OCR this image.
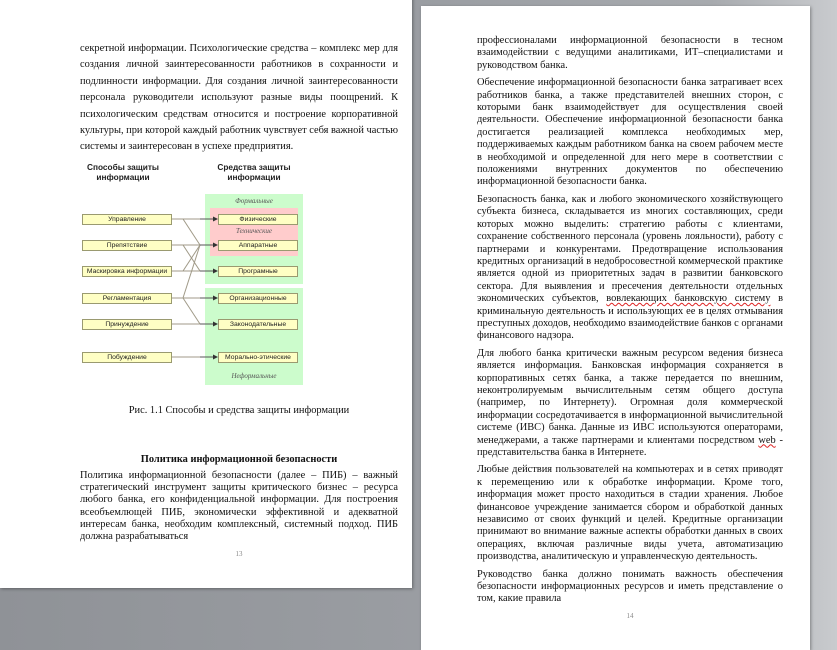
секретной информации. Психологические средства – комплекс мер для создания личной заинтересованности работников в сохранности и подлинности информации. Для создания личной заинтересованности персонала руководители используют разные виды поощрений. К психологическим средствам относится и построение корпоративной культуры, при которой каждый работник чувствует себя важной частью системы и заинтересован в успехе предприятия.

Способы защиты информации
Средства защиты информации
Формальные
Технические
Неформальные
Управление
Препятствие
Маскировка информации
Регламентация
Принуждение
Побуждение
Физические
Аппаратные
Програмные
Организационные
Законодательные
Морально-этические
Рис. 1.1 Способы и средства защиты информации
Политика информационной безопасности

Политика информационной безопасности (далее – ПИБ) – важный стратегический инструмент защиты критического бизнес – ресурса любого банка, его конфиденциальной информации. Для построения всеобъемлющей ПИБ, экономически эффективной и адекватной интересам банка, необходим комплексный, системный подход. ПИБ должна разрабатываться

13

профессионалами информационной безопасности в тесном взаимодействии с ведущими аналитиками, ИТ–специалистами и руководством банка.

Обеспечение информационной безопасности банка затрагивает всех работников банка, а также представителей внешних сторон, с которыми банк взаимодействует для осуществления своей деятельности. Обеспечение информационной безопасности банка достигается реализацией комплекса необходимых мер, поддерживаемых каждым работником банка на своем рабочем месте в необходимой и определенной для него мере в соответствии с положениями внутренних документов по обеспечению информационной безопасности банка.

Безопасность банка, как и любого экономического хозяйствующего субъекта бизнеса, складывается из многих составляющих, среди которых можно выделить: стратегию работы с клиентами, сохранение собственного персонала (уровень лояльности), работу с партнерами и конкурентами. Предотвращение использования кредитных организаций в недобросовестной коммерческой практике является одной из приоритетных задач в развитии банковского сектора. Для выявления и пресечения деятельности отдельных экономических субъектов, вовлекающих банковскую систему в криминальную деятельность и использующих ее в целях отмывания преступных доходов, необходимо взаимодействие банков с органами финансового надзора.

Для любого банка критически важным ресурсом ведения бизнеса является информация. Банковская информация сохраняется в корпоративных сетях банка, а также передается по внешним, неконтролируемым вычислительным сетям общего доступа (например, по Интернету). Огромная доля коммерческой информации сосредотачивается в информационной вычислительной системе (ИВС) банка. Данные из ИВС используются операторами, менеджерами, а также партнерами и клиентами посредством web - представительства банка в Интернете.

Любые действия пользователей на компьютерах и в сетях приводят к перемещению или к обработке информации. Кроме того, информация может просто находиться в стадии хранения. Любое финансовое учреждение занимается сбором и обработкой данных независимо от своих функций и целей. Кредитные организации принимают во внимание важные аспекты обработки данных в своих операциях, включая различные виды учета, автоматизацию производства, аналитическую и управленческую деятельность.

Руководство банка должно понимать важность обеспечения безопасности информационных ресурсов и иметь представление о том, какие правила

14
